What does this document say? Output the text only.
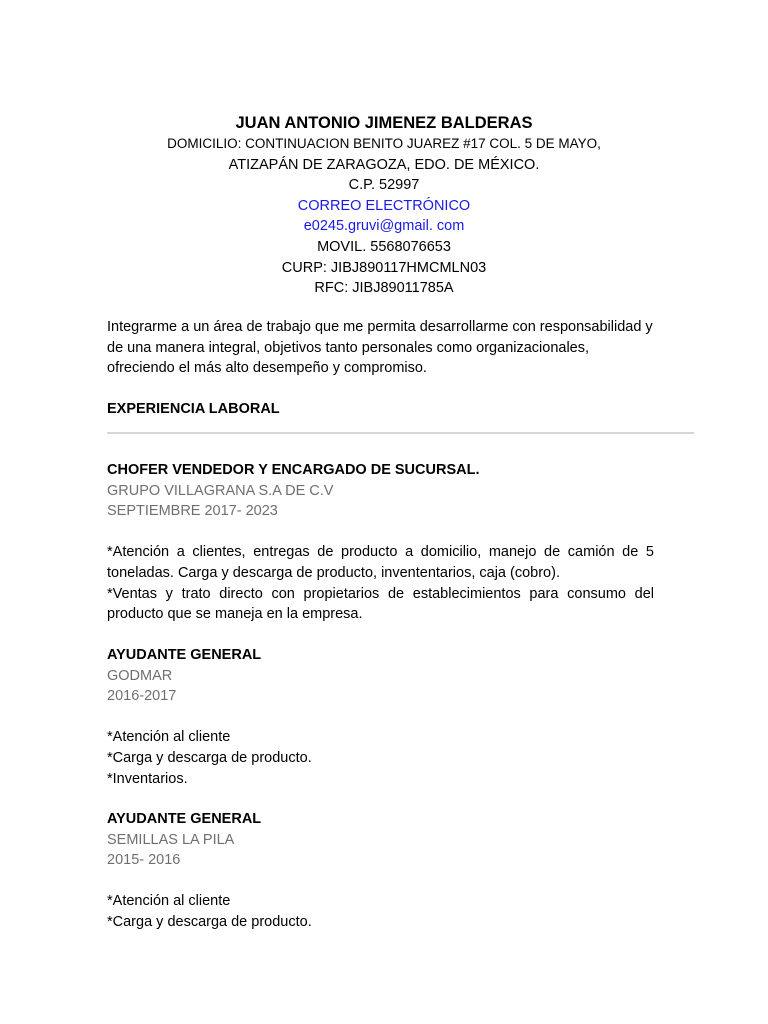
JUAN ANTONIO JIMENEZ BALDERAS
DOMICILIO: CONTINUACION BENITO JUAREZ #17 COL. 5 DE MAYO,
ATIZAPÁN DE ZARAGOZA, EDO. DE MÉXICO.
C.P. 52997
CORREO ELECTRÓNICO
e0245.gruvi@gmail. com
MOVIL. 5568076653
CURP: JIBJ890117HMCMLN03
RFC: JIBJ89011785A
Integrarme a un área de trabajo que me permita desarrollarme con responsabilidad y de una manera integral, objetivos tanto personales como organizacionales, ofreciendo el más alto desempeño y compromiso.
EXPERIENCIA LABORAL
CHOFER VENDEDOR Y ENCARGADO DE SUCURSAL.
GRUPO VILLAGRANA S.A DE C.V
SEPTIEMBRE 2017- 2023
*Atención a clientes, entregas de producto a domicilio, manejo de camión de 5 toneladas. Carga y descarga de producto, invententarios, caja (cobro).
*Ventas y trato directo con propietarios de establecimientos para consumo del producto que se maneja en la empresa.
AYUDANTE GENERAL
GODMAR
2016-2017
*Atención al cliente
*Carga y descarga de producto.
*Inventarios.
AYUDANTE GENERAL
SEMILLAS LA PILA
2015- 2016
*Atención al cliente
*Carga y descarga de producto.
